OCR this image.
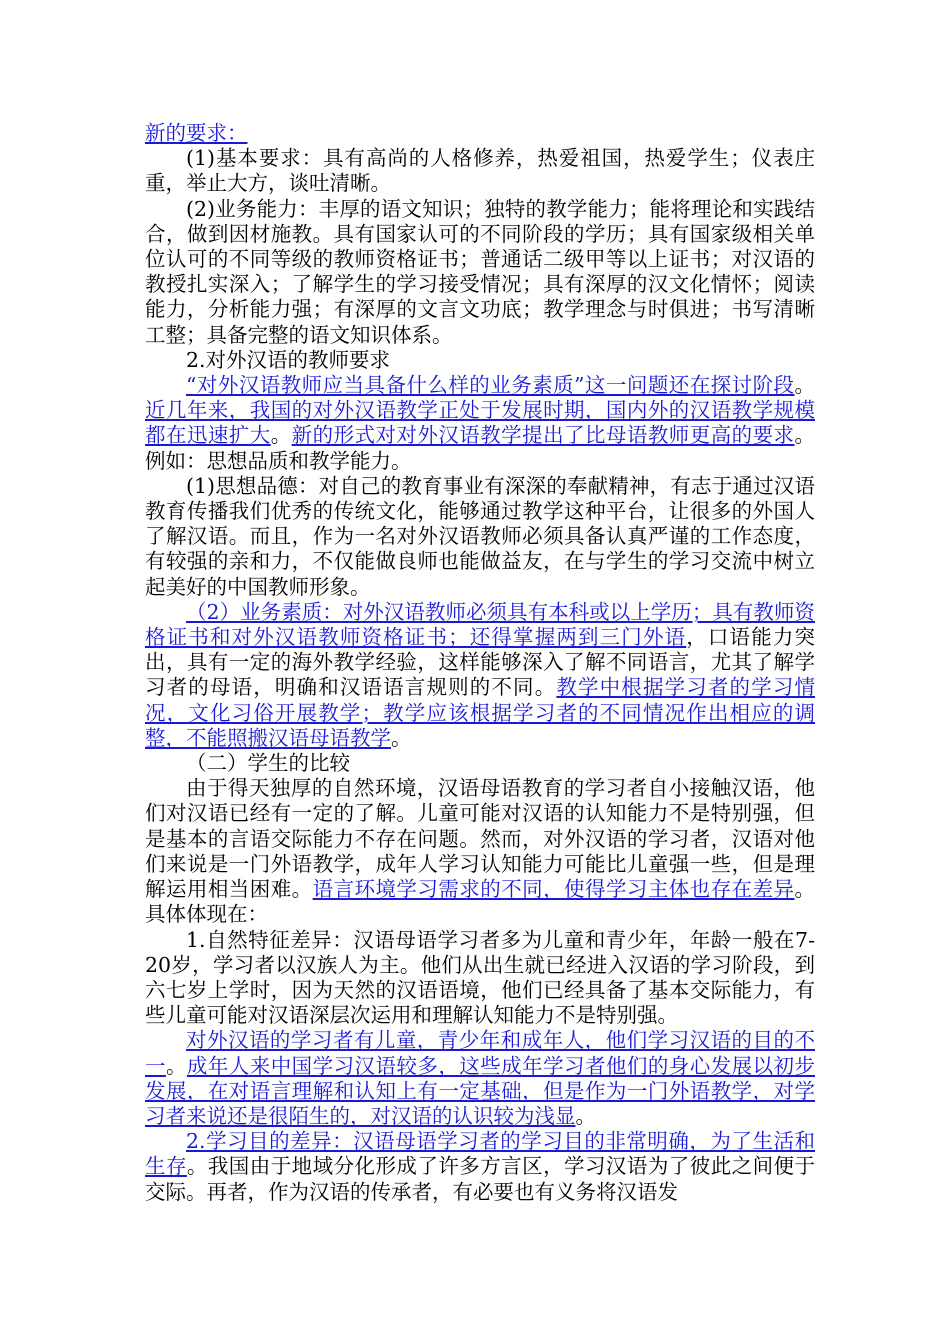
新的要求：

(1)基本要求：具有高尚的人格修养，热爱祖国，热爱学生；仪表庄重，举止大方，谈吐清晰。

(2)业务能力：丰厚的语文知识；独特的教学能力；能将理论和实践结合，做到因材施教。具有国家认可的不同阶段的学历；具有国家级相关单位认可的不同等级的教师资格证书；普通话二级甲等以上证书；对汉语的教授扎实深入；了解学生的学习接受情况；具有深厚的汉文化情怀；阅读能力，分析能力强；有深厚的文言文功底；教学理念与时俱进；书写清晰工整；具备完整的语文知识体系。

2.对外汉语的教师要求

“对外汉语教师应当具备什么样的业务素质”这一问题还在探讨阶段。近几年来，我国的对外汉语教学正处于发展时期，国内外的汉语教学规模都在迅速扩大。新的形式对对外汉语教学提出了比母语教师更高的要求。例如：思想品质和教学能力。

(1)思想品德：对自己的教育事业有深深的奉献精神，有志于通过汉语教育传播我们优秀的传统文化，能够通过教学这种平台，让很多的外国人了解汉语。而且，作为一名对外汉语教师必须具备认真严谨的工作态度，有较强的亲和力，不仅能做良师也能做益友，在与学生的学习交流中树立起美好的中国教师形象。

（2）业务素质：对外汉语教师必须具有本科或以上学历；具有教师资格证书和对外汉语教师资格证书；还得掌握两到三门外语，口语能力突出，具有一定的海外教学经验，这样能够深入了解不同语言，尤其了解学习者的母语，明确和汉语语言规则的不同。教学中根据学习者的学习情况，文化习俗开展教学；教学应该根据学习者的不同情况作出相应的调整，不能照搬汉语母语教学。

（二）学生的比较

由于得天独厚的自然环境，汉语母语教育的学习者自小接触汉语，他们对汉语已经有一定的了解。儿童可能对汉语的认知能力不是特别强，但是基本的言语交际能力不存在问题。然而，对外汉语的学习者，汉语对他们来说是一门外语教学，成年人学习认知能力可能比儿童强一些，但是理解运用相当困难。语言环境学习需求的不同，使得学习主体也存在差异。具体体现在：

1.自然特征差异：汉语母语学习者多为儿童和青少年，年龄一般在7-20岁，学习者以汉族人为主。他们从出生就已经进入汉语的学习阶段，到六七岁上学时，因为天然的汉语语境，他们已经具备了基本交际能力，有些儿童可能对汉语深层次运用和理解认知能力不是特别强。

对外汉语的学习者有儿童，青少年和成年人，他们学习汉语的目的不一。成年人来中国学习汉语较多，这些成年学习者他们的身心发展以初步发展，在对语言理解和认知上有一定基础，但是作为一门外语教学，对学习者来说还是很陌生的，对汉语的认识较为浅显。

2.学习目的差异：汉语母语学习者的学习目的非常明确，为了生活和生存。我国由于地域分化形成了许多方言区，学习汉语为了彼此之间便于交际。再者，作为汉语的传承者，有必要也有义务将汉语发
